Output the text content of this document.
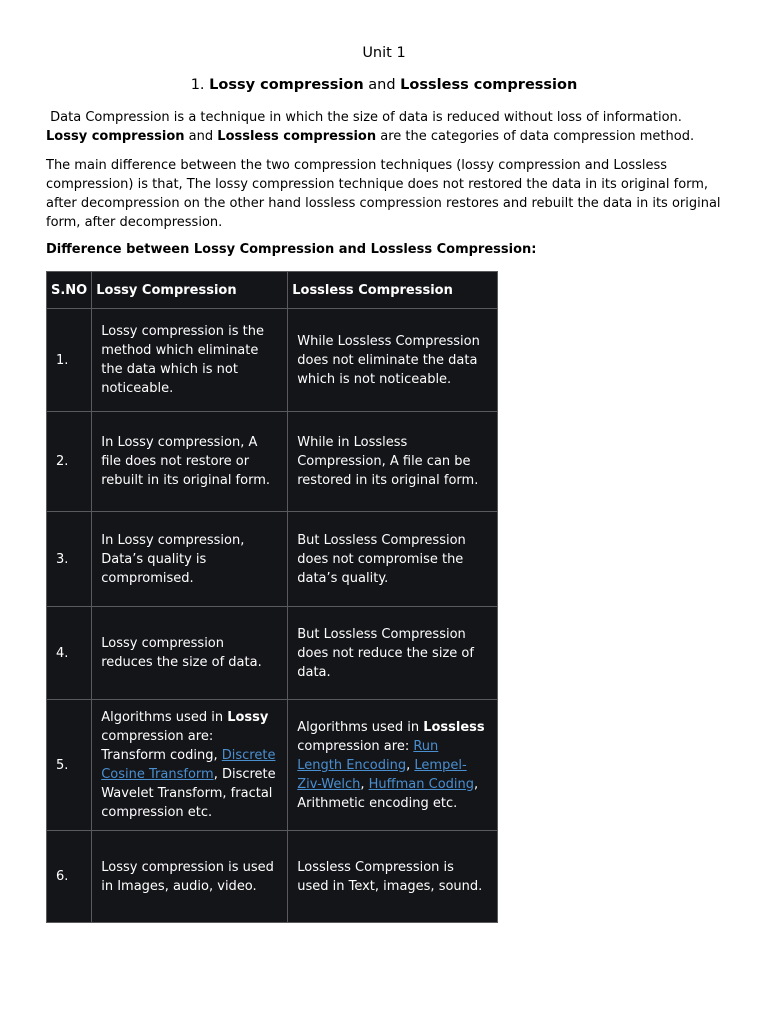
Unit 1
1. Lossy compression and Lossless compression
Data Compression is a technique in which the size of data is reduced without loss of information. Lossy compression and Lossless compression are the categories of data compression method.
The main difference between the two compression techniques (lossy compression and Lossless compression) is that, The lossy compression technique does not restored the data in its original form, after decompression on the other hand lossless compression restores and rebuilt the data in its original form, after decompression.
Difference between Lossy Compression and Lossless Compression:
S.NO	Lossy Compression	Lossless Compression
1.	Lossy compression is the method which eliminate the data which is not noticeable.	While Lossless Compression does not eliminate the data which is not noticeable.
2.	In Lossy compression, A file does not restore or rebuilt in its original form.	While in Lossless Compression, A file can be restored in its original form.
3.	In Lossy compression, Data’s quality is compromised.	But Lossless Compression does not compromise the data’s quality.
4.	Lossy compression reduces the size of data.	But Lossless Compression does not reduce the size of data.
5.	Algorithms used in Lossy compression are: Transform coding, Discrete Cosine Transform, Discrete Wavelet Transform, fractal compression etc.	Algorithms used in Lossless compression are: Run Length Encoding, Lempel-Ziv-Welch, Huffman Coding, Arithmetic encoding etc.
6.	Lossy compression is used in Images, audio, video.	Lossless Compression is used in Text, images, sound.
